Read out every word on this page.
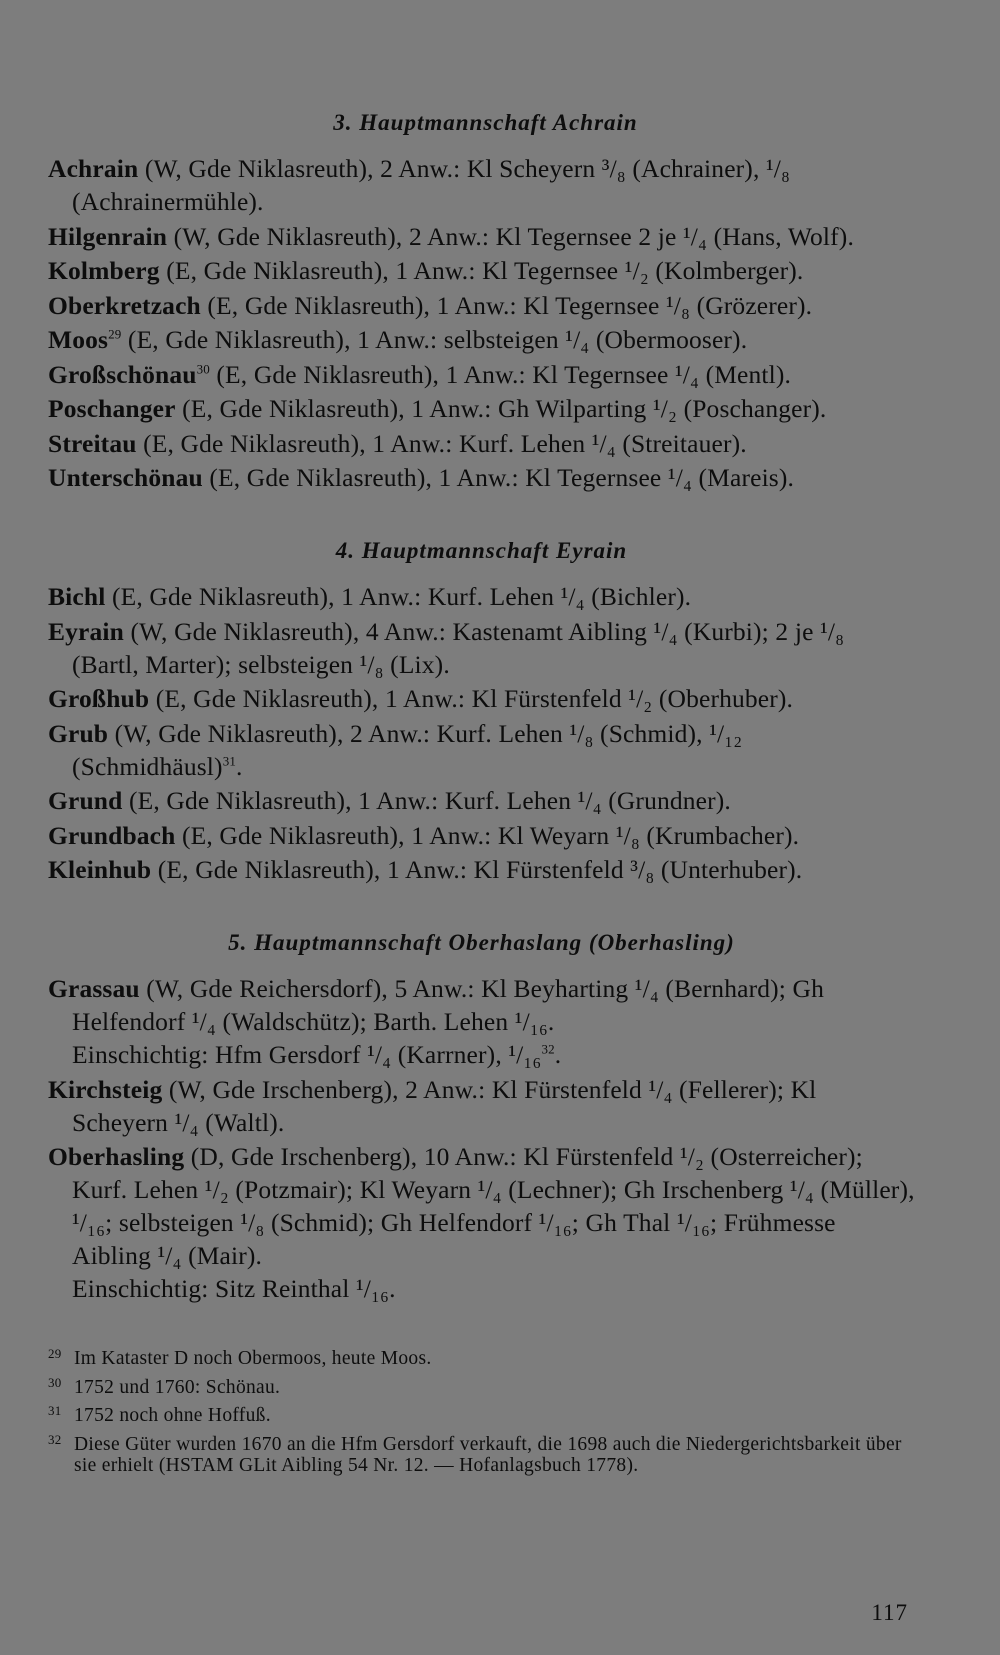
3. Hauptmannschaft Achrain

Achrain (W, Gde Niklasreuth), 2 Anw.: Kl Scheyern ³/₈ (Achrainer), ¹/₈ (Achrainermühle).

Hilgenrain (W, Gde Niklasreuth), 2 Anw.: Kl Tegernsee 2 je ¹/₄ (Hans, Wolf).

Kolmberg (E, Gde Niklasreuth), 1 Anw.: Kl Tegernsee ¹/₂ (Kolmberger).

Oberkretzach (E, Gde Niklasreuth), 1 Anw.: Kl Tegernsee ¹/₈ (Grözerer).

Moos$^{29}$ (E, Gde Niklasreuth), 1 Anw.: selbsteigen ¹/₄ (Obermooser).

Großschönau$^{30}$ (E, Gde Niklasreuth), 1 Anw.: Kl Tegernsee ¹/₄ (Mentl).

Poschanger (E, Gde Niklasreuth), 1 Anw.: Gh Wilparting ¹/₂ (Poschanger).

Streitau (E, Gde Niklasreuth), 1 Anw.: Kurf. Lehen ¹/₄ (Streitauer).

Unterschönau (E, Gde Niklasreuth), 1 Anw.: Kl Tegernsee ¹/₄ (Mareis).

4. Hauptmannschaft Eyrain

Bichl (E, Gde Niklasreuth), 1 Anw.: Kurf. Lehen ¹/₄ (Bichler).

Eyrain (W, Gde Niklasreuth), 4 Anw.: Kastenamt Aibling ¹/₄ (Kurbi); 2 je ¹/₈ (Bartl, Marter); selbsteigen ¹/₈ (Lix).

Großhub (E, Gde Niklasreuth), 1 Anw.: Kl Fürstenfeld ¹/₂ (Oberhuber).

Grub (W, Gde Niklasreuth), 2 Anw.: Kurf. Lehen ¹/₈ (Schmid), ¹/₁₂ (Schmidhäusl)$^{31}$.

Grund (E, Gde Niklasreuth), 1 Anw.: Kurf. Lehen ¹/₄ (Grundner).

Grundbach (E, Gde Niklasreuth), 1 Anw.: Kl Weyarn ¹/₈ (Krumbacher).

Kleinhub (E, Gde Niklasreuth), 1 Anw.: Kl Fürstenfeld ³/₈ (Unterhuber).

5. Hauptmannschaft Oberhaslang (Oberhasling)

Grassau (W, Gde Reichersdorf), 5 Anw.: Kl Beyharting ¹/₄ (Bernhard); Gh Helfendorf ¹/₄ (Waldschütz); Barth. Lehen ¹/₁₆.
Einschichtig: Hfm Gersdorf ¹/₄ (Karrner), ¹/₁₆$^{32}$.

Kirchsteig (W, Gde Irschenberg), 2 Anw.: Kl Fürstenfeld ¹/₄ (Fellerer); Kl Scheyern ¹/₄ (Waltl).

Oberhasling (D, Gde Irschenberg), 10 Anw.: Kl Fürstenfeld ¹/₂ (Osterreicher); Kurf. Lehen ¹/₂ (Potzmair); Kl Weyarn ¹/₄ (Lechner); Gh Irschenberg ¹/₄ (Müller), ¹/₁₆; selbsteigen ¹/₈ (Schmid); Gh Helfendorf ¹/₁₆; Gh Thal ¹/₁₆; Frühmesse Aibling ¹/₄ (Mair).
Einschichtig: Sitz Reinthal ¹/₁₆.

29 Im Kataster D noch Obermoos, heute Moos.

30 1752 und 1760: Schönau.

31 1752 noch ohne Hoffuß.

32 Diese Güter wurden 1670 an die Hfm Gersdorf verkauft, die 1698 auch die Niedergerichtsbarkeit über sie erhielt (HSTAM GLit Aibling 54 Nr. 12. — Hofanlagsbuch 1778).

117
